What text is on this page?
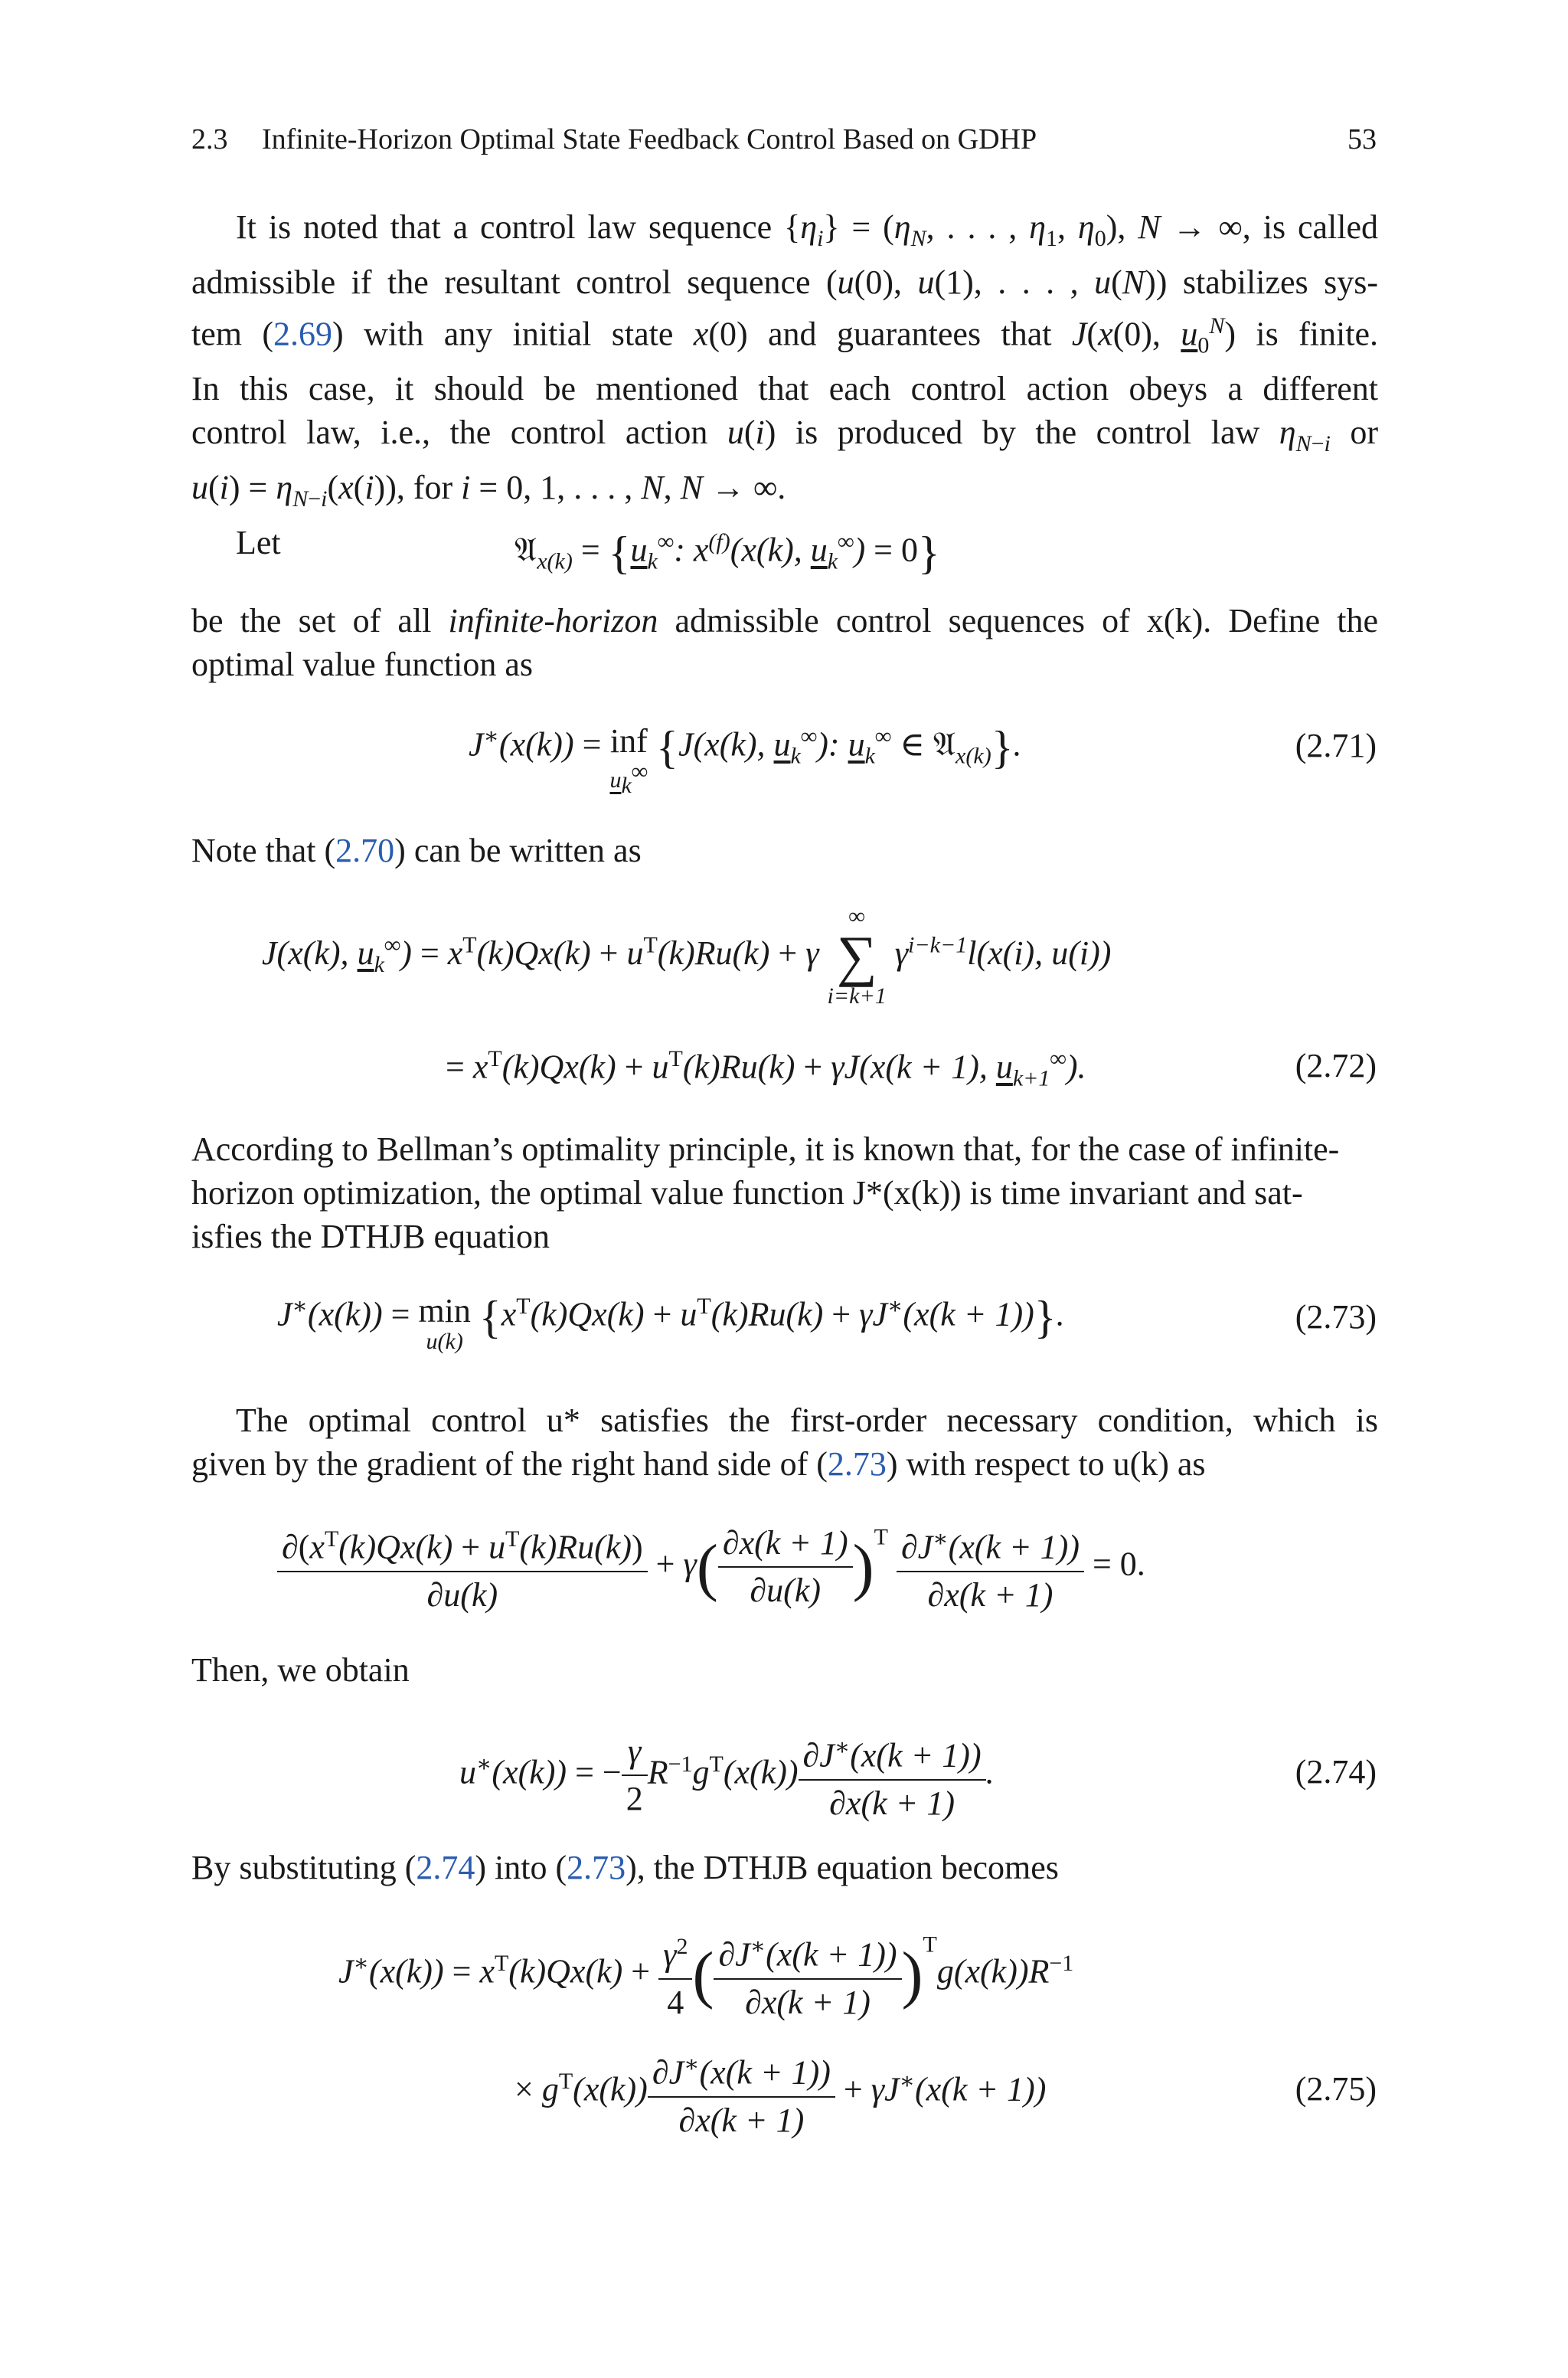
2.3 Infinite-Horizon Optimal State Feedback Control Based on GDHP	53
It is noted that a control law sequence $\{\eta_i\} = (\eta_N$, . . . , $\eta_1$, $\eta_0$), N → ∞, is called
admissible if the resultant control sequence (u(0), u(1), . . . , u(N)) stabilizes sys-
tem (2.69) with any initial state x(0) and guarantees that J(x(0), $u_0^N$) is finite.
In this case, it should be mentioned that each control action obeys a different
control law, i.e., the control action u(i) is produced by the control law $\eta_{N-i}$ or
$u(i) = \eta_{N-i}(x(i))$, for i = 0, 1, . . . , N, N → ∞.
Let	𝔄$_{x(k)}$ = {$u_k^\infty$: $x^{(f)}(x(k)$, $u_k^\infty) = 0$}
be the set of all infinite-horizon admissible control sequences of x(k). Define the
optimal value function as
J∗(x(k)) = inf
$u_k^\infty$ {J(x(k), $u_k^\infty$): $u_k^\infty$ ∈ 𝔄$_{x(k)}$}.	(2.71)
Note that (2.70) can be written as
J(x(k), $u_k^\infty) = x^T(k)Qx(k) + u^T(k)Ru(k) + \gamma$
∞
∑
i=k+1
$\gamma^{i-k-1}l(x(i)$, u(i))
= $x^T(k)Qx(k) + u^T(k)Ru(k) + \gamma J(x(k + 1)$, $u_{k+1}^\infty$).	(2.72)
According to Bellman’s optimality principle, it is known that, for the case of infinite-
horizon optimization, the optimal value function J*(x(k)) is time invariant and sat-
isfies the DTHJB equation
J∗(x(k)) = min
u(k) $\{x^T(k)Qx(k) + u^T(k)Ru(k) + \gamma J^∗(x(k + 1))\}$.	(2.73)
The optimal control u* satisfies the first-order necessary condition, which is
given by the gradient of the right hand side of (2.73) with respect to u(k) as
$\frac{\partial(x^T(k)Qx(k) + u^T(k)Ru(k))}{\partial u(k)} + \gamma( \frac{\partial x(k + 1)}{\partial u(k)} )^T \frac{\partial J^∗(x(k + 1))}{\partial x(k + 1)} = 0$.
Then, we obtain
u∗(x(k)) = − $\frac{\gamma}{2} R^{-1}g^T(x(k)) \frac{\partial J^∗(x(k + 1))}{\partial x(k + 1)}$ .	(2.74)
By substituting (2.74) into (2.73), the DTHJB equation becomes
$J^∗(x(k)) = x^T(k)Qx(k) + \frac{\gamma^2}{4}$ ( $\frac{\partial J^∗(x(k + 1))}{\partial x(k + 1)} )^Tg(x(k))R^{-1}$
× $g^T(x(k)) \frac{\partial J^∗(x(k + 1))}{\partial x(k + 1)} + \gamma J^∗(x(k + 1))$	(2.75)
